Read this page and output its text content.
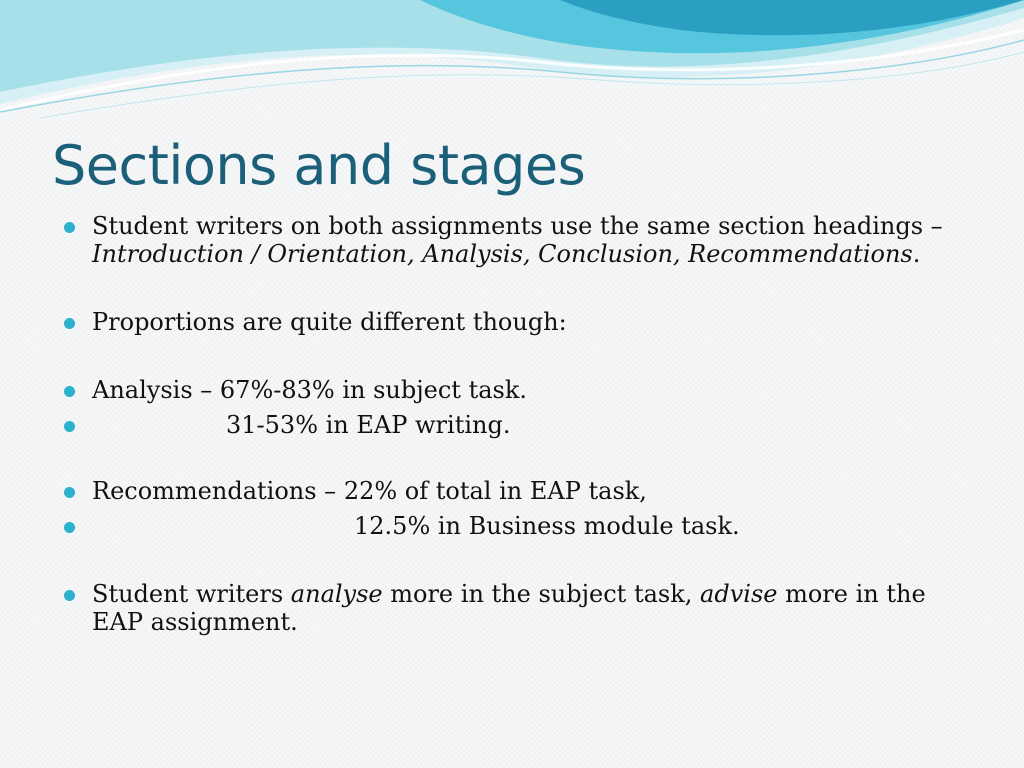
Sections and stages
Student writers on both assignments use the same section headings –
Introduction / Orientation, Analysis, Conclusion, Recommendations.
Proportions are quite different though:
Analysis – 67%-83% in subject task.
31-53% in EAP writing.
Recommendations – 22% of total in EAP task,
12.5% in Business module task.
Student writers analyse more in the subject task, advise more in the
EAP assignment.
